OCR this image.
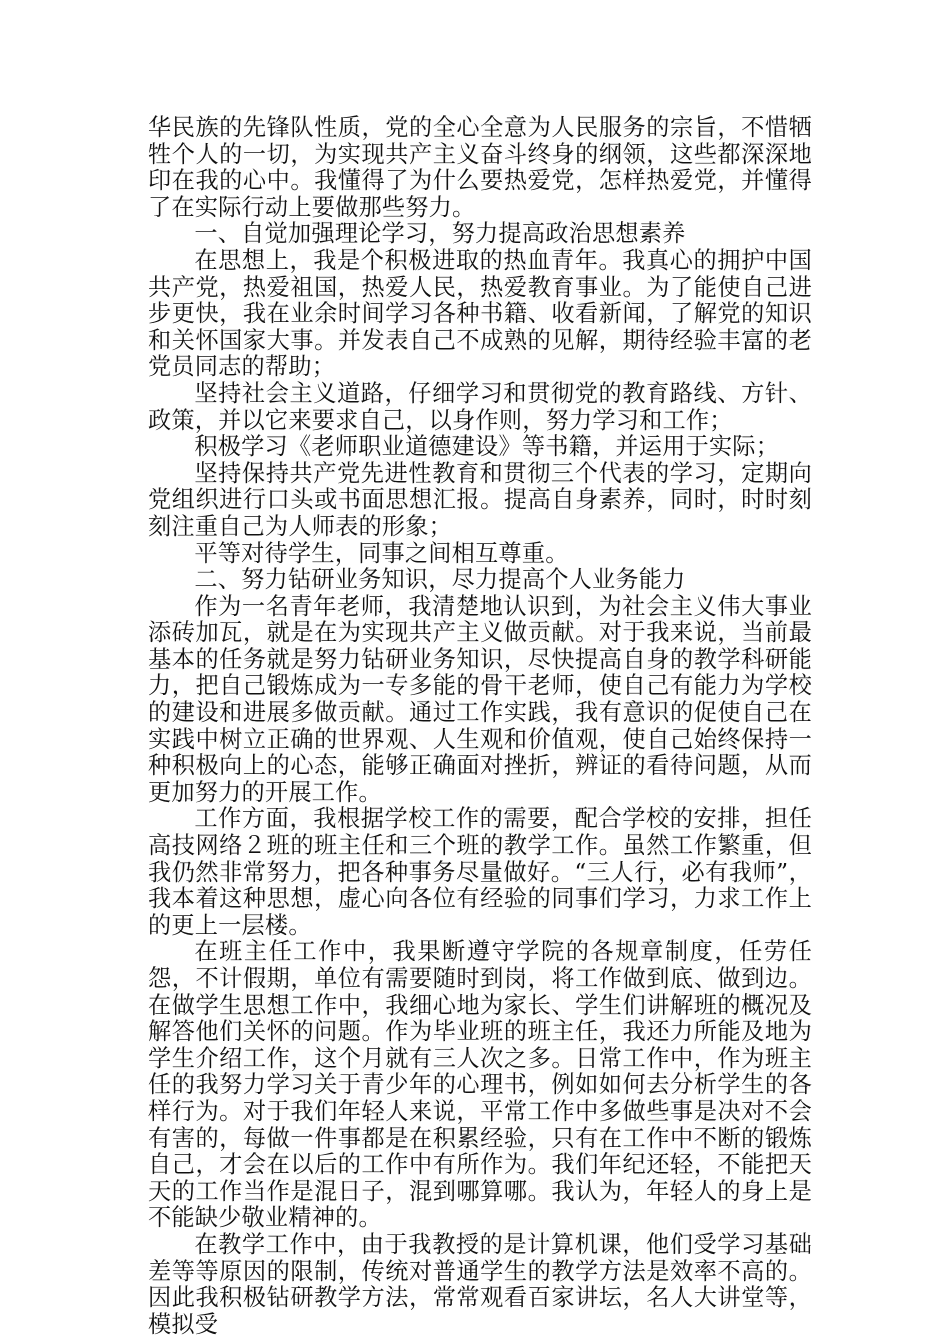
华民族的先锋队性质，党的全心全意为人民服务的宗旨，不惜牺牲个人的一切，为实现共产主义奋斗终身的纲领，这些都深深地印在我的心中。我懂得了为什么要热爱党，怎样热爱党，并懂得了在实际行动上要做那些努力。

一、自觉加强理论学习，努力提高政治思想素养

在思想上，我是个积极进取的热血青年。我真心的拥护中国共产党，热爱祖国，热爱人民，热爱教育事业。为了能使自己进步更快，我在业余时间学习各种书籍、收看新闻，了解党的知识和关怀国家大事。并发表自己不成熟的见解，期待经验丰富的老党员同志的帮助；

坚持社会主义道路，仔细学习和贯彻党的教育路线、方针、政策，并以它来要求自己，以身作则，努力学习和工作；

积极学习《老师职业道德建设》等书籍，并运用于实际；

坚持保持共产党先进性教育和贯彻三个代表的学习，定期向党组织进行口头或书面思想汇报。提高自身素养，同时，时时刻刻注重自己为人师表的形象；

平等对待学生，同事之间相互尊重。

二、努力钻研业务知识，尽力提高个人业务能力

作为一名青年老师，我清楚地认识到，为社会主义伟大事业添砖加瓦，就是在为实现共产主义做贡献。对于我来说，当前最基本的任务就是努力钻研业务知识，尽快提高自身的教学科研能力，把自己锻炼成为一专多能的骨干老师，使自己有能力为学校的建设和进展多做贡献。通过工作实践，我有意识的促使自己在实践中树立正确的世界观、人生观和价值观，使自己始终保持一种积极向上的心态，能够正确面对挫折，辨证的看待问题，从而更加努力的开展工作。

工作方面，我根据学校工作的需要，配合学校的安排，担任高技网络２班的班主任和三个班的教学工作。虽然工作繁重，但我仍然非常努力，把各种事务尽量做好。“三人行，必有我师”，我本着这种思想，虚心向各位有经验的同事们学习，力求工作上的更上一层楼。

在班主任工作中，我果断遵守学院的各规章制度，任劳任怨，不计假期，单位有需要随时到岗，将工作做到底、做到边。在做学生思想工作中，我细心地为家长、学生们讲解班的概况及解答他们关怀的问题。作为毕业班的班主任，我还力所能及地为学生介绍工作，这个月就有三人次之多。日常工作中，作为班主任的我努力学习关于青少年的心理书，例如如何去分析学生的各样行为。对于我们年轻人来说，平常工作中多做些事是决对不会有害的，每做一件事都是在积累经验，只有在工作中不断的锻炼自己，才会在以后的工作中有所作为。我们年纪还轻，不能把天天的工作当作是混日子，混到哪算哪。我认为，年轻人的身上是不能缺少敬业精神的。

在教学工作中，由于我教授的是计算机课，他们受学习基础差等等原因的限制，传统对普通学生的教学方法是效率不高的。因此我积极钻研教学方法，常常观看百家讲坛，名人大讲堂等，模拟受
